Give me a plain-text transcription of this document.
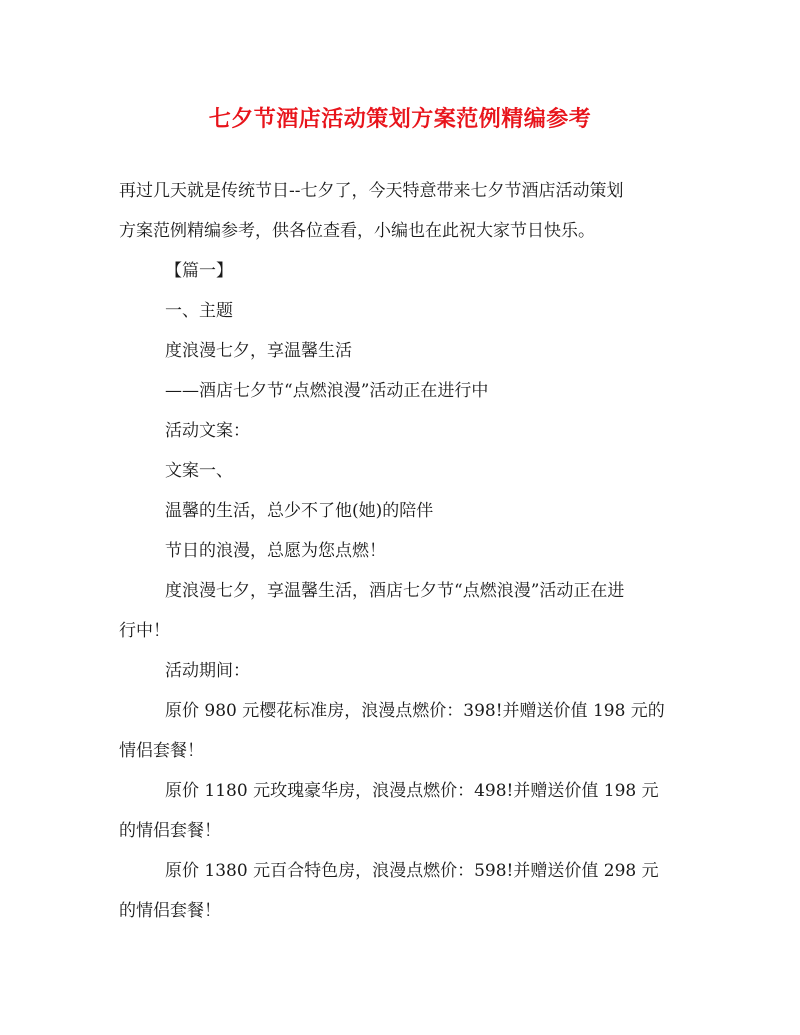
七夕节酒店活动策划方案范例精编参考
再过几天就是传统节日--七夕了，今天特意带来七夕节酒店活动策划
方案范例精编参考，供各位查看，小编也在此祝大家节日快乐。
【篇一】
一、主题
度浪漫七夕，享温馨生活
——酒店七夕节“点燃浪漫”活动正在进行中
活动文案：
文案一、
温馨的生活，总少不了他(她)的陪伴
节日的浪漫，总愿为您点燃！
度浪漫七夕，享温馨生活，酒店七夕节“点燃浪漫”活动正在进
行中！
活动期间：
原价 980 元樱花标准房，浪漫点燃价：398!并赠送价值 198 元的
情侣套餐！
原价 1180 元玫瑰豪华房，浪漫点燃价：498!并赠送价值 198 元
的情侣套餐！
原价 1380 元百合特色房，浪漫点燃价：598!并赠送价值 298 元
的情侣套餐！
